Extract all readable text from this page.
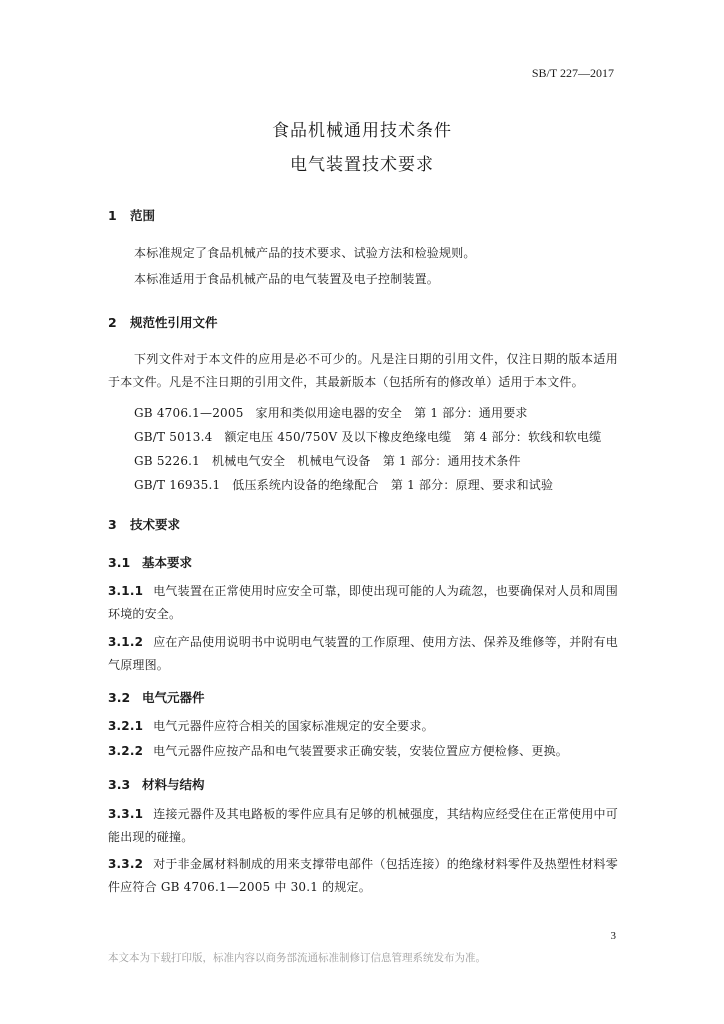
SB/T 227—2017
食品机械通用技术条件
电气装置技术要求
1 范围
本标准规定了食品机械产品的技术要求、试验方法和检验规则。
本标准适用于食品机械产品的电气装置及电子控制装置。
2 规范性引用文件
下列文件对于本文件的应用是必不可少的。凡是注日期的引用文件，仅注日期的版本适用于本文件。凡是不注日期的引用文件，其最新版本（包括所有的修改单）适用于本文件。
GB 4706.1—2005 家用和类似用途电器的安全　第 1 部分：通用要求
GB/T 5013.4 额定电压 450/750V 及以下橡皮绝缘电缆　第 4 部分：软线和软电缆
GB 5226.1 机械电气安全　机械电气设备　第 1 部分：通用技术条件
GB/T 16935.1 低压系统内设备的绝缘配合　第 1 部分：原理、要求和试验
3 技术要求
3.1 基本要求
3.1.1 电气装置在正常使用时应安全可靠，即使出现可能的人为疏忽，也要确保对人员和周围环境的安全。
3.1.2 应在产品使用说明书中说明电气装置的工作原理、使用方法、保养及维修等，并附有电气原理图。
3.2 电气元器件
3.2.1 电气元器件应符合相关的国家标准规定的安全要求。
3.2.2 电气元器件应按产品和电气装置要求正确安装，安装位置应方便检修、更换。
3.3 材料与结构
3.3.1 连接元器件及其电路板的零件应具有足够的机械强度，其结构应经受住在正常使用中可能出现的碰撞。
3.3.2 对于非金属材料制成的用来支撑带电部件（包括连接）的绝缘材料零件及热塑性材料零件应符合 GB 4706.1—2005 中 30.1 的规定。
3
本文本为下载打印版，标准内容以商务部流通标准制修订信息管理系统发布为准。
